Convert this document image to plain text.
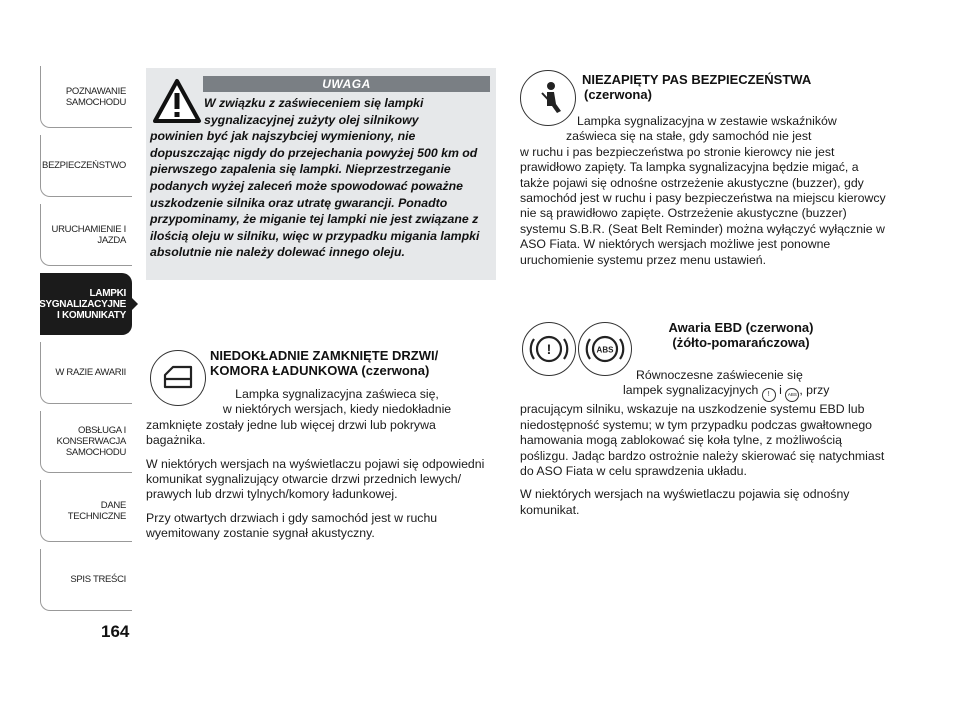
POZNAWANIE
SAMOCHODU
BEZPIECZEŃSTWO
URUCHAMIENIE I
JAZDA
LAMPKI
SYGNALIZACYJNE
I KOMUNIKATY
W RAZIE AWARII
OBSŁUGA I
KONSERWACJA
SAMOCHODU
DANE TECHNICZNE
SPIS TREŚCI
164
UWAGA
W związku z zaświeceniem się lampki
sygnalizacyjnej zużyty olej silnikowy
powinien być jak najszybciej wymieniony, nie dopuszczając nigdy do przejechania powyżej 500 km od pierwszego zapalenia się lampki. Nieprzestrzeganie podanych wyżej zaleceń może spowodować poważne uszkodzenie silnika oraz utratę gwarancji. Ponadto przypominamy, że miganie tej lampki nie jest związane z ilością oleju w silniku, więc w przypadku migania lampki absolutnie nie należy dolewać innego oleju.
NIEDOKŁADNIE ZAMKNIĘTE DRZWI/
KOMORA ŁADUNKOWA (czerwona)

Lampka sygnalizacyjna zaświeca się,
w niektórych wersjach, kiedy niedokładnie
zamknięte zostały jedne lub więcej drzwi lub pokrywa bagażnika.

W niektórych wersjach na wyświetlaczu pojawi się odpowiedni komunikat sygnalizujący otwarcie drzwi przednich lewych/ prawych lub drzwi tylnych/komory ładunkowej.

Przy otwartych drzwiach i gdy samochód jest w ruchu wyemitowany zostanie sygnał akustyczny.

NIEZAPIĘTY PAS BEZPIECZEŃSTWA
(czerwona)
Lampka sygnalizacyjna w zestawie wskaźników
zaświeca się na stałe, gdy samochód nie jest
w ruchu i pas bezpieczeństwa po stronie kierowcy nie jest prawidłowo zapięty. Ta lampka sygnalizacyjna będzie migać, a także pojawi się odnośne ostrzeżenie akustyczne (buzzer), gdy samochód jest w ruchu i pasy bezpieczeństwa na miejscu kierowcy nie są prawidłowo zapięte. Ostrzeżenie akustyczne (buzzer) systemu S.B.R. (Seat Belt Reminder) można wyłączyć wyłącznie w ASO Fiata. W niektórych wersjach możliwe jest ponowne uruchomienie systemu przez menu ustawień.
!	ABS
Awaria EBD (czerwona)
(żółto-pomarańczowa)

Równoczesne zaświecenie się
lampek sygnalizacyjnych ! i ABS , przy
pracującym silniku, wskazuje na uszkodzenie systemu EBD lub niedostępność systemu; w tym przypadku podczas gwałtownego hamowania mogą zablokować się koła tylne, z możliwością poślizgu. Jadąc bardzo ostrożnie należy skierować się natychmiast do ASO Fiata w celu sprawdzenia układu.

W niektórych wersjach na wyświetlaczu pojawia się odnośny komunikat.
